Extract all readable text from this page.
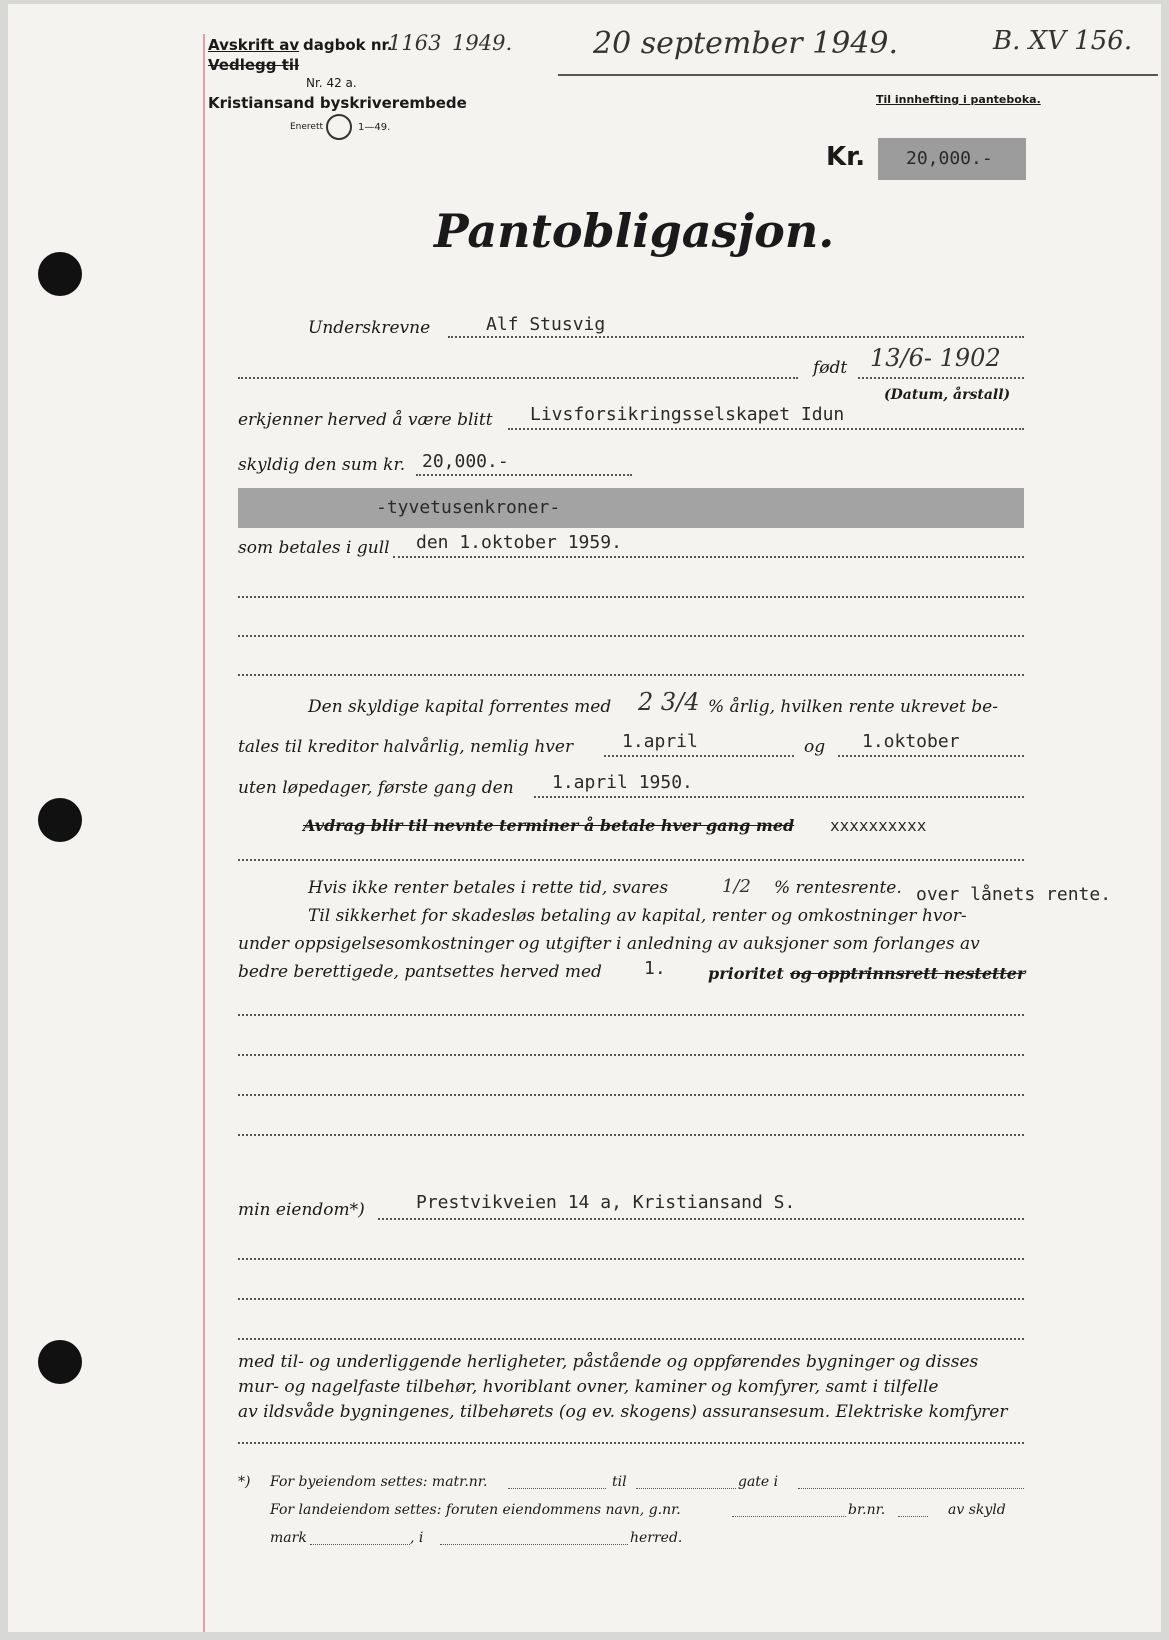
Avskrift av dagbok nr.
1163 1949.
Vedlegg til
Nr. 42 a.
Kristiansand byskriverembede
Enerett	1—49.
20 september 1949.	B. XV 156.
Til innhefting i panteboka.
Kr. 20,000.-
Pantobligasjon.
Underskrevne	Alf Stusvig
født 13/6- 1902
(Datum, årstall)
erkjenner herved å være blitt Livsforsikringsselskapet Idun
skyldig den sum kr. 20,000.-
-tyvetusenkroner-
som betales i gull den 1.oktober 1959.
Den skyldige kapital forrentes med 2 3/4 % årlig, hvilken rente ukrevet be-
tales til kreditor halvårlig, nemlig hver	1.april	og 1.oktober
uten løpedager, første gang den 1.april 1950.
Avdrag blir til nevnte terminer å betale hver gang med xxxxxxxxxx
Hvis ikke renter betales i rette tid, svares	1/2 % rentesrente. over lånets rente.
Til sikkerhet for skadesløs betaling av kapital, renter og omkostninger hvor-
under oppsigelsesomkostninger og utgifter i anledning av auksjoner som forlanges av
bedre berettigede, pantsettes herved med 1.	prioritet og opptrinnsrett nestetter
min eiendom*)	Prestvikveien 14 a, Kristiansand S.
med til- og underliggende herligheter, påstående og oppførendes bygninger og disses
mur- og nagelfaste tilbehør, hvoriblant ovner, kaminer og komfyrer, samt i tilfelle
av ildsvåde bygningenes, tilbehørets (og ev. skogens) assuransesum. Elektriske komfyrer
*) For byeiendom settes: matr.nr.	til	gate i
For landeiendom settes: foruten eiendommens navn, g.nr.	br.nr.	av skyld
mark	, i	herred.
